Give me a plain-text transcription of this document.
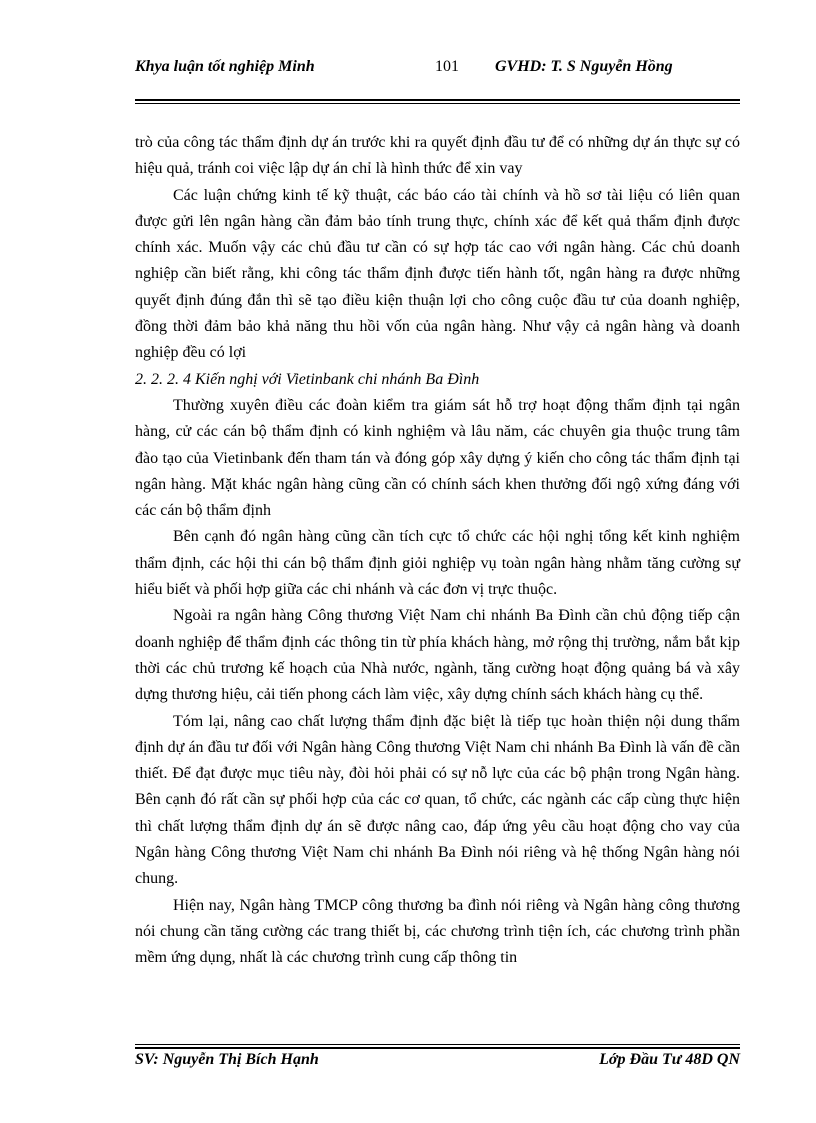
Khya luận tốt nghiệp Minh	101 GVHD: T. S Nguyễn Hồng

trò của công tác thẩm định dự án trước khi ra quyết định đầu tư để có những dự án thực sự có hiệu quả, tránh coi việc lập dự án chỉ là hình thức để xin vay

Các luận chứng kinh tế kỹ thuật, các báo cáo tài chính và hồ sơ tài liệu có liên quan được gửi lên ngân hàng cần đảm bảo tính trung thực, chính xác để kết quả thẩm định được chính xác. Muốn vậy các chủ đầu tư cần có sự hợp tác cao với ngân hàng. Các chủ doanh nghiệp cần biết rằng, khi công tác thẩm định được tiến hành tốt, ngân hàng ra được những quyết định đúng đắn thì sẽ tạo điều kiện thuận lợi cho công cuộc đầu tư của doanh nghiệp, đồng thời đảm bảo khả năng thu hồi vốn của ngân hàng. Như vậy cả ngân hàng và doanh nghiệp đều có lợi

2. 2. 2. 4 Kiến nghị với Vietinbank chi nhánh Ba Đình

Thường xuyên điều các đoàn kiểm tra giám sát hỗ trợ hoạt động thẩm định tại ngân hàng, cử các cán bộ thẩm định có kinh nghiệm và lâu năm, các chuyên gia thuộc trung tâm đào tạo của Vietinbank đến tham tán và đóng góp xây dựng ý kiến cho công tác thẩm định tại ngân hàng. Mặt khác ngân hàng cũng cần có chính sách khen thưởng đối ngộ xứng đáng với các cán bộ thẩm định

Bên cạnh đó ngân hàng cũng cần tích cực tổ chức các hội nghị tổng kết kinh nghiệm thẩm định, các hội thi cán bộ thẩm định giỏi nghiệp vụ toàn ngân hàng nhằm tăng cường sự hiểu biết và phối hợp giữa các chi nhánh và các đơn vị trực thuộc.

Ngoài ra ngân hàng Công thương Việt Nam chi nhánh Ba Đình cần chủ động tiếp cận doanh nghiệp để thẩm định các thông tin từ phía khách hàng, mở rộng thị trường, nắm bắt kịp thời các chủ trương kế hoạch của Nhà nước, ngành, tăng cường hoạt động quảng bá và xây dựng thương hiệu, cải tiến phong cách làm việc, xây dựng chính sách khách hàng cụ thể.

Tóm lại, nâng cao chất lượng thẩm định đặc biệt là tiếp tục hoàn thiện nội dung thẩm định dự án đầu tư đối với Ngân hàng Công thương Việt Nam chi nhánh Ba Đình là vấn đề cần thiết. Để đạt được mục tiêu này, đòi hỏi phải có sự nỗ lực của các bộ phận trong Ngân hàng. Bên cạnh đó rất cần sự phối hợp của các cơ quan, tổ chức, các ngành các cấp cùng thực hiện thì chất lượng thẩm định dự án sẽ được nâng cao, đáp ứng yêu cầu hoạt động cho vay của Ngân hàng Công thương Việt Nam chi nhánh Ba Đình nói riêng và hệ thống Ngân hàng nói chung.

Hiện nay, Ngân hàng TMCP công thương ba đình nói riêng và Ngân hàng công thương nói chung cần tăng cường các trang thiết bị, các chương trình tiện ích, các chương trình phần mềm ứng dụng, nhất là các chương trình cung cấp thông tin

SV: Nguyễn Thị Bích Hạnh	Lớp Đầu Tư 48D QN
